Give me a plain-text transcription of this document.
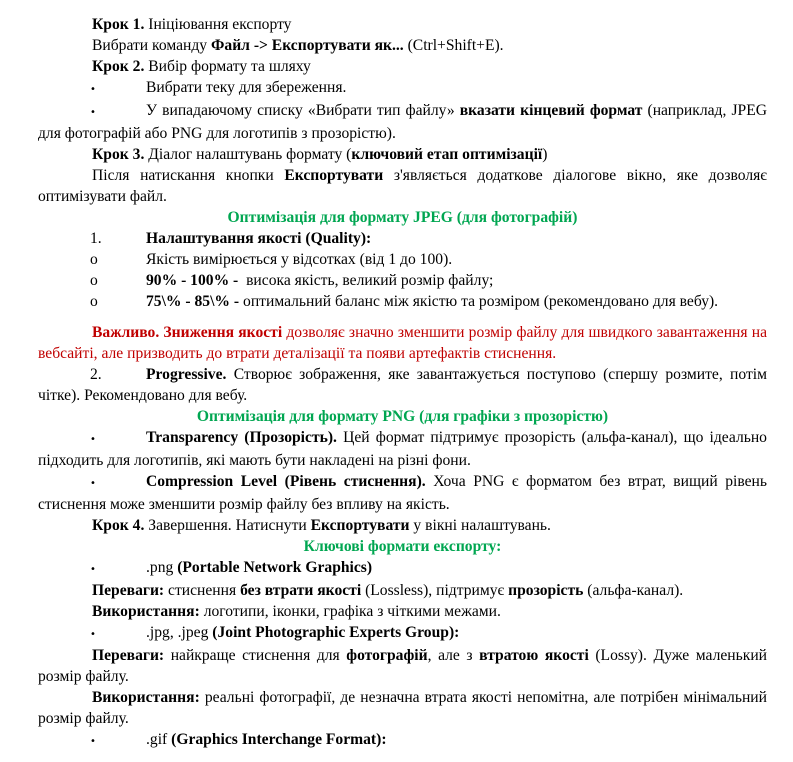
Крок 1. Ініціювання експорту

Вибрати команду Файл -> Експортувати як... (Ctrl+Shift+E).

Крок 2. Вибір формату та шляху

•	Вибрати теку для збереження.

•	У випадаючому списку «Вибрати тип файлу» вказати кінцевий формат (наприклад, JPEG для фотографій або PNG для логотипів з прозорістю).

Крок 3. Діалог налаштувань формату (ключовий етап оптимізації)

Після натискання кнопки Експортувати з'являється додаткове діалогове вікно, яке дозволяє оптимізувати файл.

Оптимізація для формату JPEG (для фотографій)

1.	Налаштування якості (Quality):

o	Якість вимірюється у відсотках (від 1 до 100).

o	90% - 100% -  висока якість, великий розмір файлу;

o	75\% - 85\% - оптимальний баланс між якістю та розміром (рекомендовано для вебу).

Важливо. Зниження якості дозволяє значно зменшити розмір файлу для швидкого завантаження на вебсайті, але призводить до втрати деталізації та появи артефактів стиснення.

2.	Progressive. Створює зображення, яке завантажується поступово (спершу розмите, потім чітке). Рекомендовано для вебу.

Оптимізація для формату PNG (для графіки з прозорістю)

•	Transparency (Прозорість). Цей формат підтримує прозорість (альфа-канал), що ідеально підходить для логотипів, які мають бути накладені на різні фони.

•	Compression Level (Рівень стиснення). Хоча PNG є форматом без втрат, вищий рівень стиснення може зменшити розмір файлу без впливу на якість.

Крок 4. Завершення. Натиснути Експортувати у вікні налаштувань.

Ключові формати експорту:

•	.png (Portable Network Graphics)

Переваги: стиснення без втрати якості (Lossless), підтримує прозорість (альфа-канал).

Використання: логотипи, іконки, графіка з чіткими межами.

•	.jpg, .jpeg (Joint Photographic Experts Group):

Переваги: найкраще стиснення для фотографій, але з втратою якості (Lossy). Дуже маленький розмір файлу.

Використання: реальні фотографії, де незначна втрата якості непомітна, але потрібен мінімальний розмір файлу.

•	.gif (Graphics Interchange Format):
